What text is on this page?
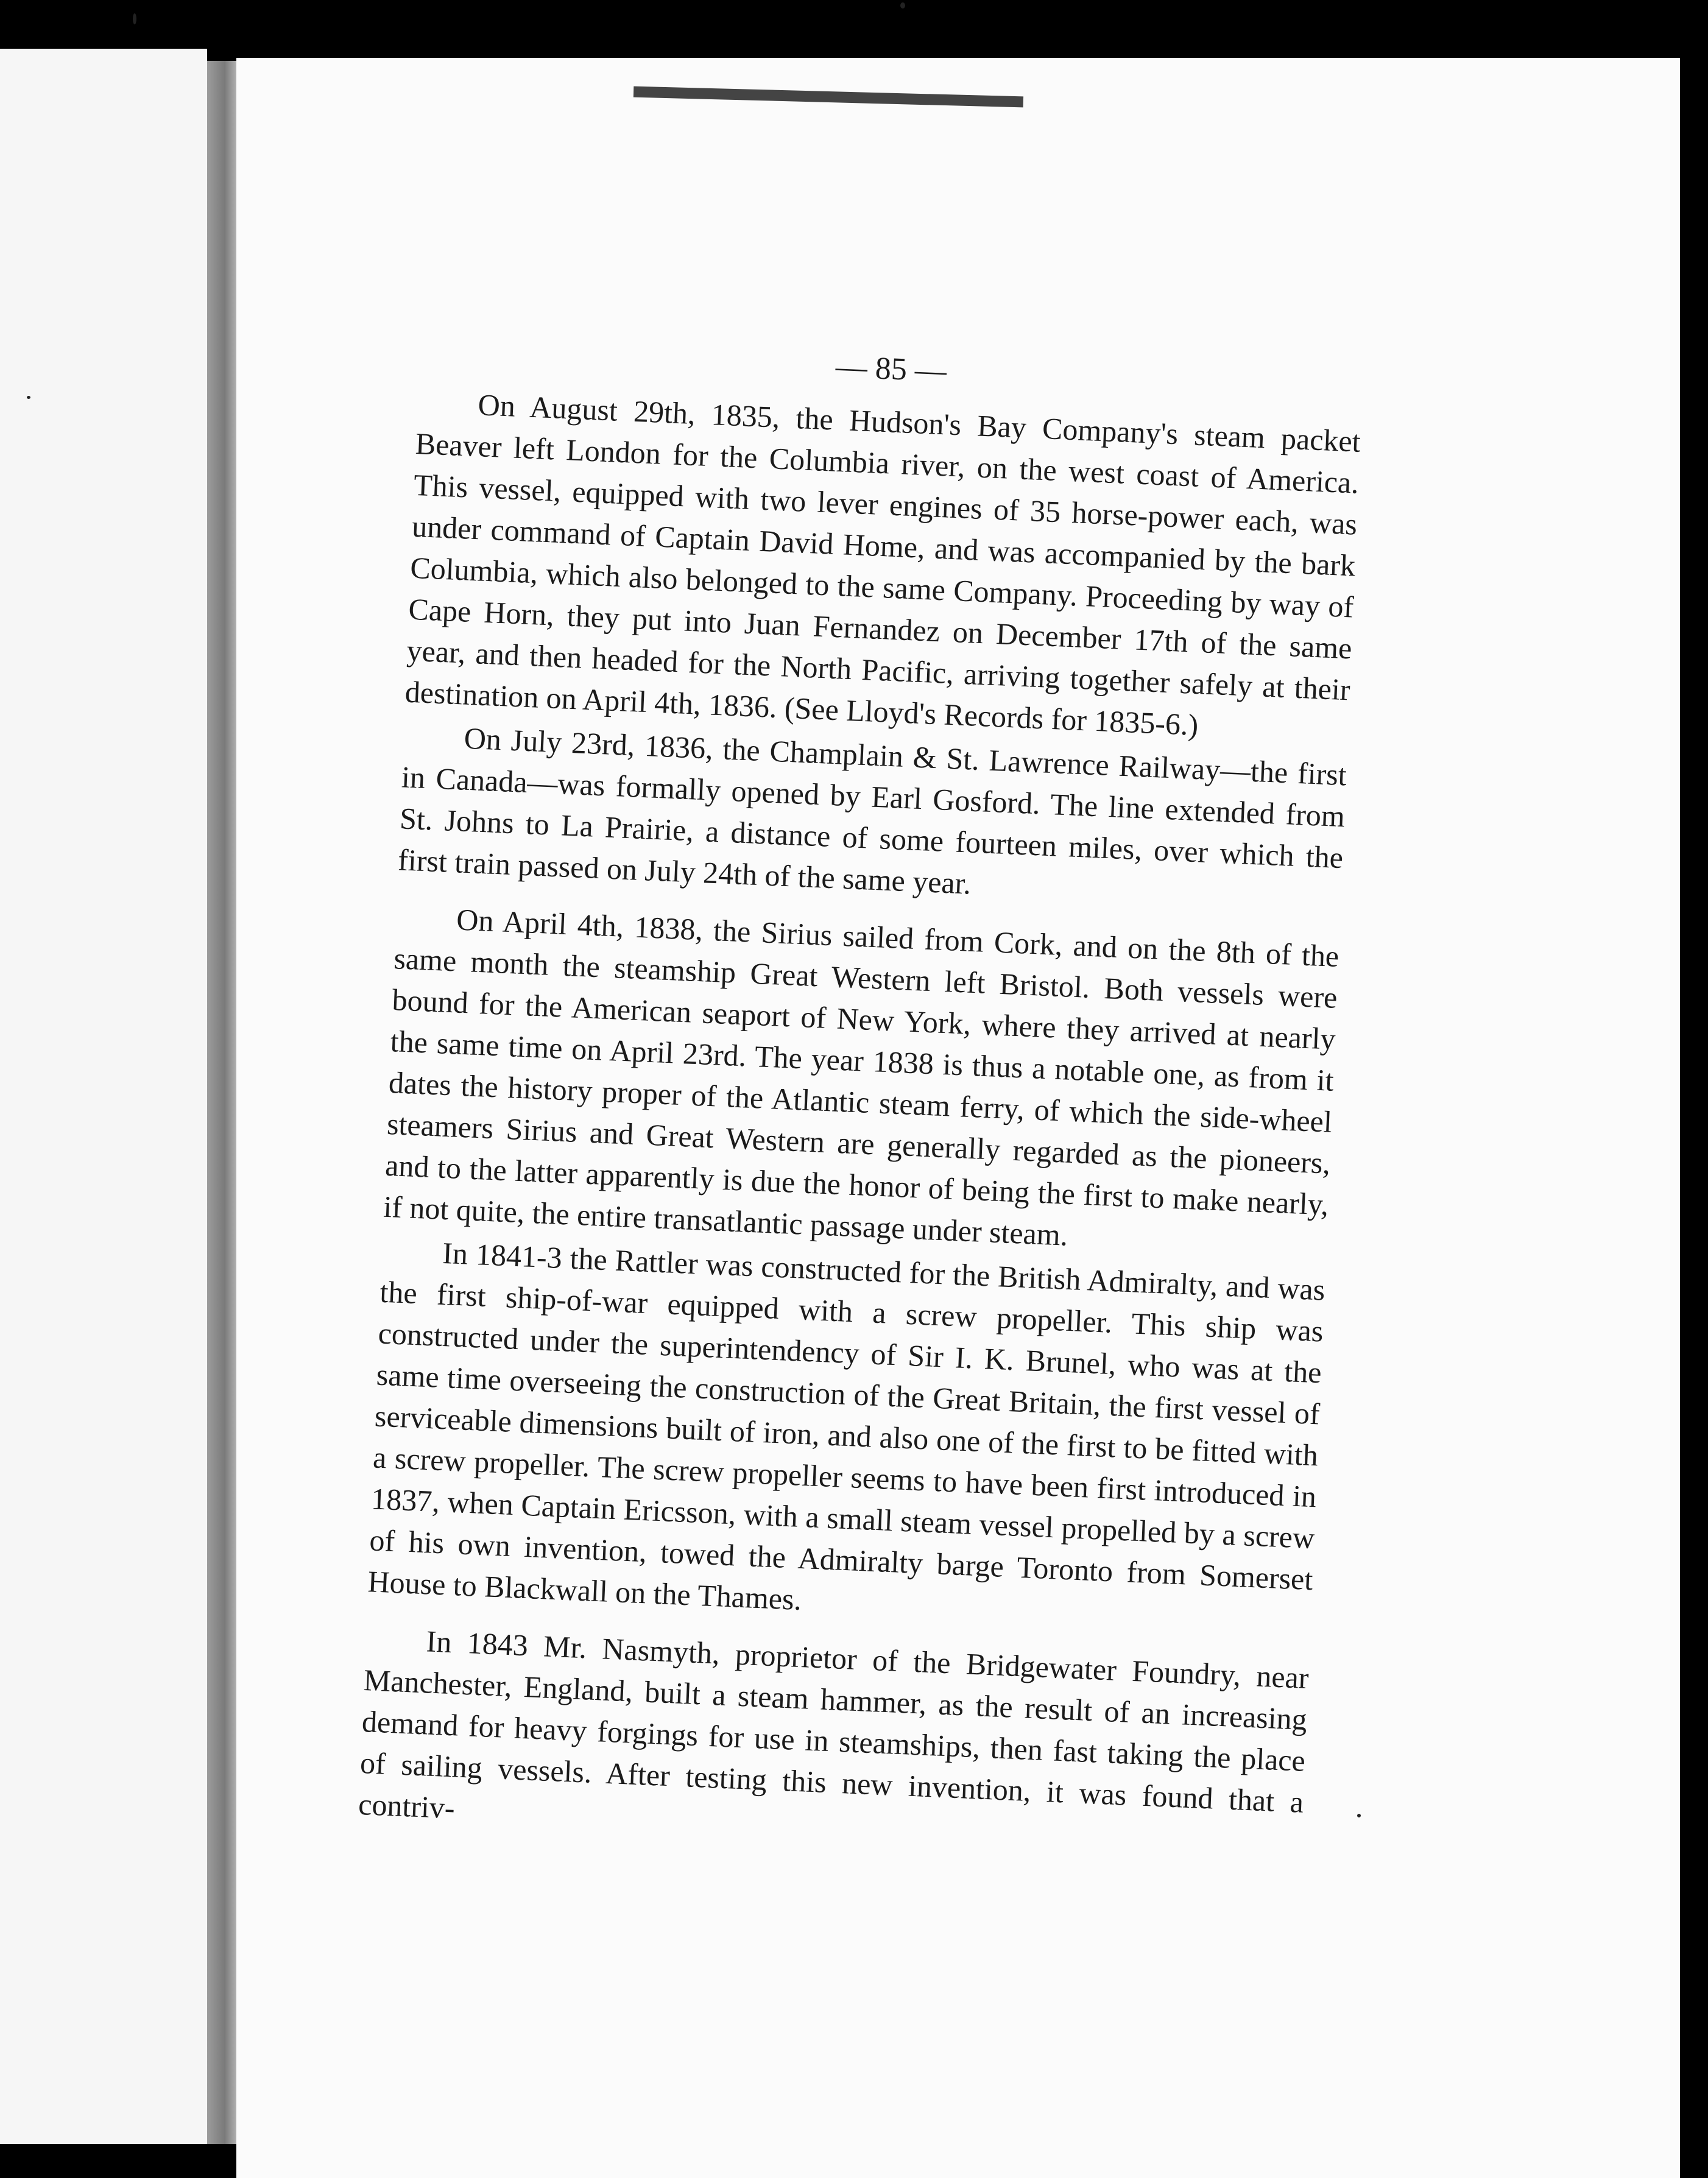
— 85 —

On August 29th, 1835, the Hudson's Bay Company's steam packet Beaver left London for the Columbia river, on the west coast of America. This vessel, equipped with two lever engines of 35 horse-power each, was under command of Captain David Home, and was accompanied by the bark Columbia, which also belonged to the same Company. Proceeding by way of Cape Horn, they put into Juan Fernandez on December 17th of the same year, and then headed for the North Pacific, arriving together safely at their destination on April 4th, 1836. (See Lloyd's Records for 1835-6.)

On July 23rd, 1836, the Champlain & St. Lawrence Railway—the first in Canada—was formally opened by Earl Gosford. The line extended from St. Johns to La Prairie, a distance of some fourteen miles, over which the first train passed on July 24th of the same year.

On April 4th, 1838, the Sirius sailed from Cork, and on the 8th of the same month the steamship Great Western left Bristol. Both vessels were bound for the American seaport of New York, where they arrived at nearly the same time on April 23rd. The year 1838 is thus a notable one, as from it dates the history proper of the Atlantic steam ferry, of which the side-wheel steamers Sirius and Great Western are generally regarded as the pioneers, and to the latter apparently is due the honor of being the first to make nearly, if not quite, the entire transatlantic passage under steam.

In 1841-3 the Rattler was constructed for the British Admiralty, and was the first ship-of-war equipped with a screw propeller. This ship was constructed under the superintendency of Sir I. K. Brunel, who was at the same time overseeing the construction of the Great Britain, the first vessel of serviceable dimensions built of iron, and also one of the first to be fitted with a screw propeller. The screw propeller seems to have been first introduced in 1837, when Captain Ericsson, with a small steam vessel propelled by a screw of his own invention, towed the Admiralty barge Toronto from Somerset House to Blackwall on the Thames.

In 1843 Mr. Nasmyth, proprietor of the Bridgewater Foundry, near Manchester, England, built a steam hammer, as the result of an increasing demand for heavy forgings for use in steamships, then fast taking the place of sailing vessels. After testing this new invention, it was found that a contriv-
